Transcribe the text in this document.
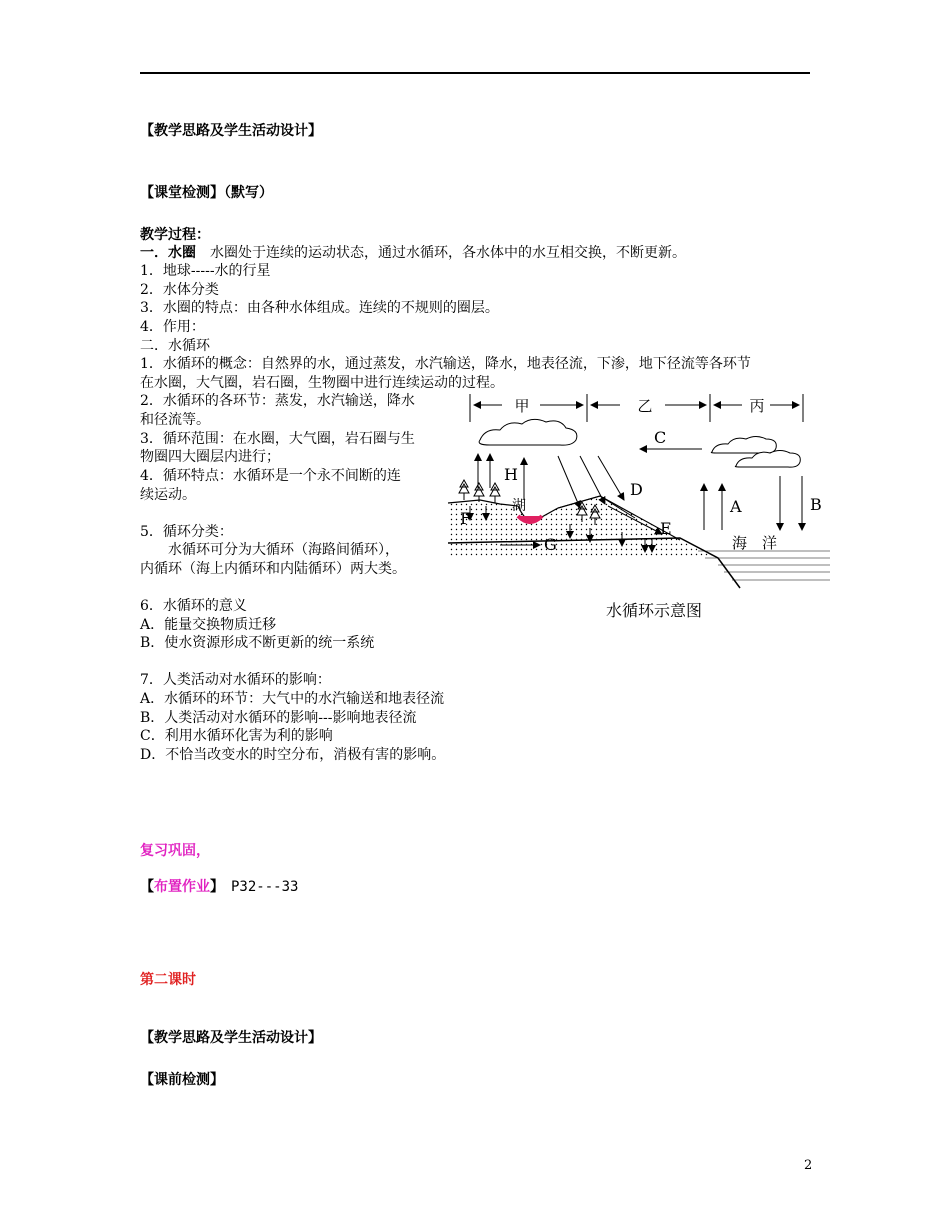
【教学思路及学生活动设计】
【课堂检测】（默写）
教学过程：
一．水圈　水圈处于连续的运动状态，通过水循环，各水体中的水互相交换，不断更新。
1．地球-----水的行星
2．水体分类
3．水圈的特点：由各种水体组成。连续的不规则的圈层。
4．作用：
二．水循环
1．水循环的概念：自然界的水，通过蒸发，水汽输送，降水，地表径流，下渗，地下径流等各环节
在水圈，大气圈，岩石圈，生物圈中进行连续运动的过程。
2．水循环的各环节：蒸发，水汽输送，降水
和径流等。
3．循环范围：在水圈，大气圈，岩石圈与生
物圈四大圈层内进行；
4．循环特点：水循环是一个永不间断的连
续运动。
5．循环分类：
　　水循环可分为大循环（海路间循环），
内循环（海上内循环和内陆循环）两大类。
6．水循环的意义
A．能量交换物质迁移
B．使水资源形成不断更新的统一系统
7．人类活动对水循环的影响：
A．水循环的环节：大气中的水汽输送和地表径流
B．人类活动对水循环的影响---影响地表径流
C．利用水循环化害为利的影响
D．不恰当改变水的时空分布，消极有害的影响。
甲	乙	丙
C
湖
H
D
E
F
G	海　洋
A	B
水循环示意图
复习巩固，
【布置作业】　P32---33
第二课时
【教学思路及学生活动设计】
【课前检测】
2
